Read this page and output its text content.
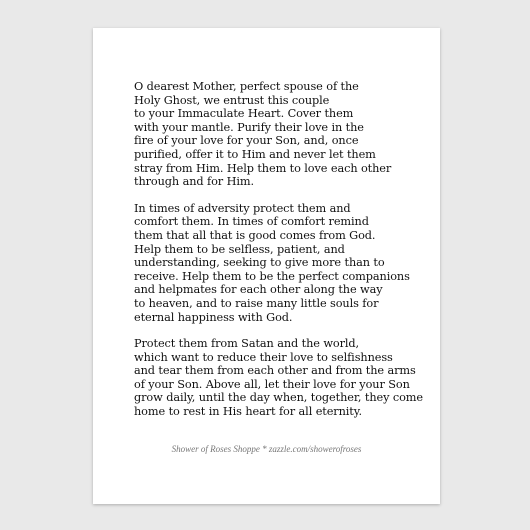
O dearest Mother, perfect spouse of the
Holy Ghost, we entrust this couple
to your Immaculate Heart. Cover them
with your mantle. Purify their love in the
fire of your love for your Son, and, once
purified, offer it to Him and never let them
stray from Him. Help them to love each other
through and for Him.
In times of adversity protect them and
comfort them. In times of comfort remind
them that all that is good comes from God.
Help them to be selfless, patient, and
understanding, seeking to give more than to
receive. Help them to be the perfect companions
and helpmates for each other along the way
to heaven, and to raise many little souls for
eternal happiness with God.
Protect them from Satan and the world,
which want to reduce their love to selfishness
and tear them from each other and from the arms
of your Son. Above all, let their love for your Son
grow daily, until the day when, together, they come
home to rest in His heart for all eternity.
Shower of Roses Shoppe * zazzle.com/showerofroses
